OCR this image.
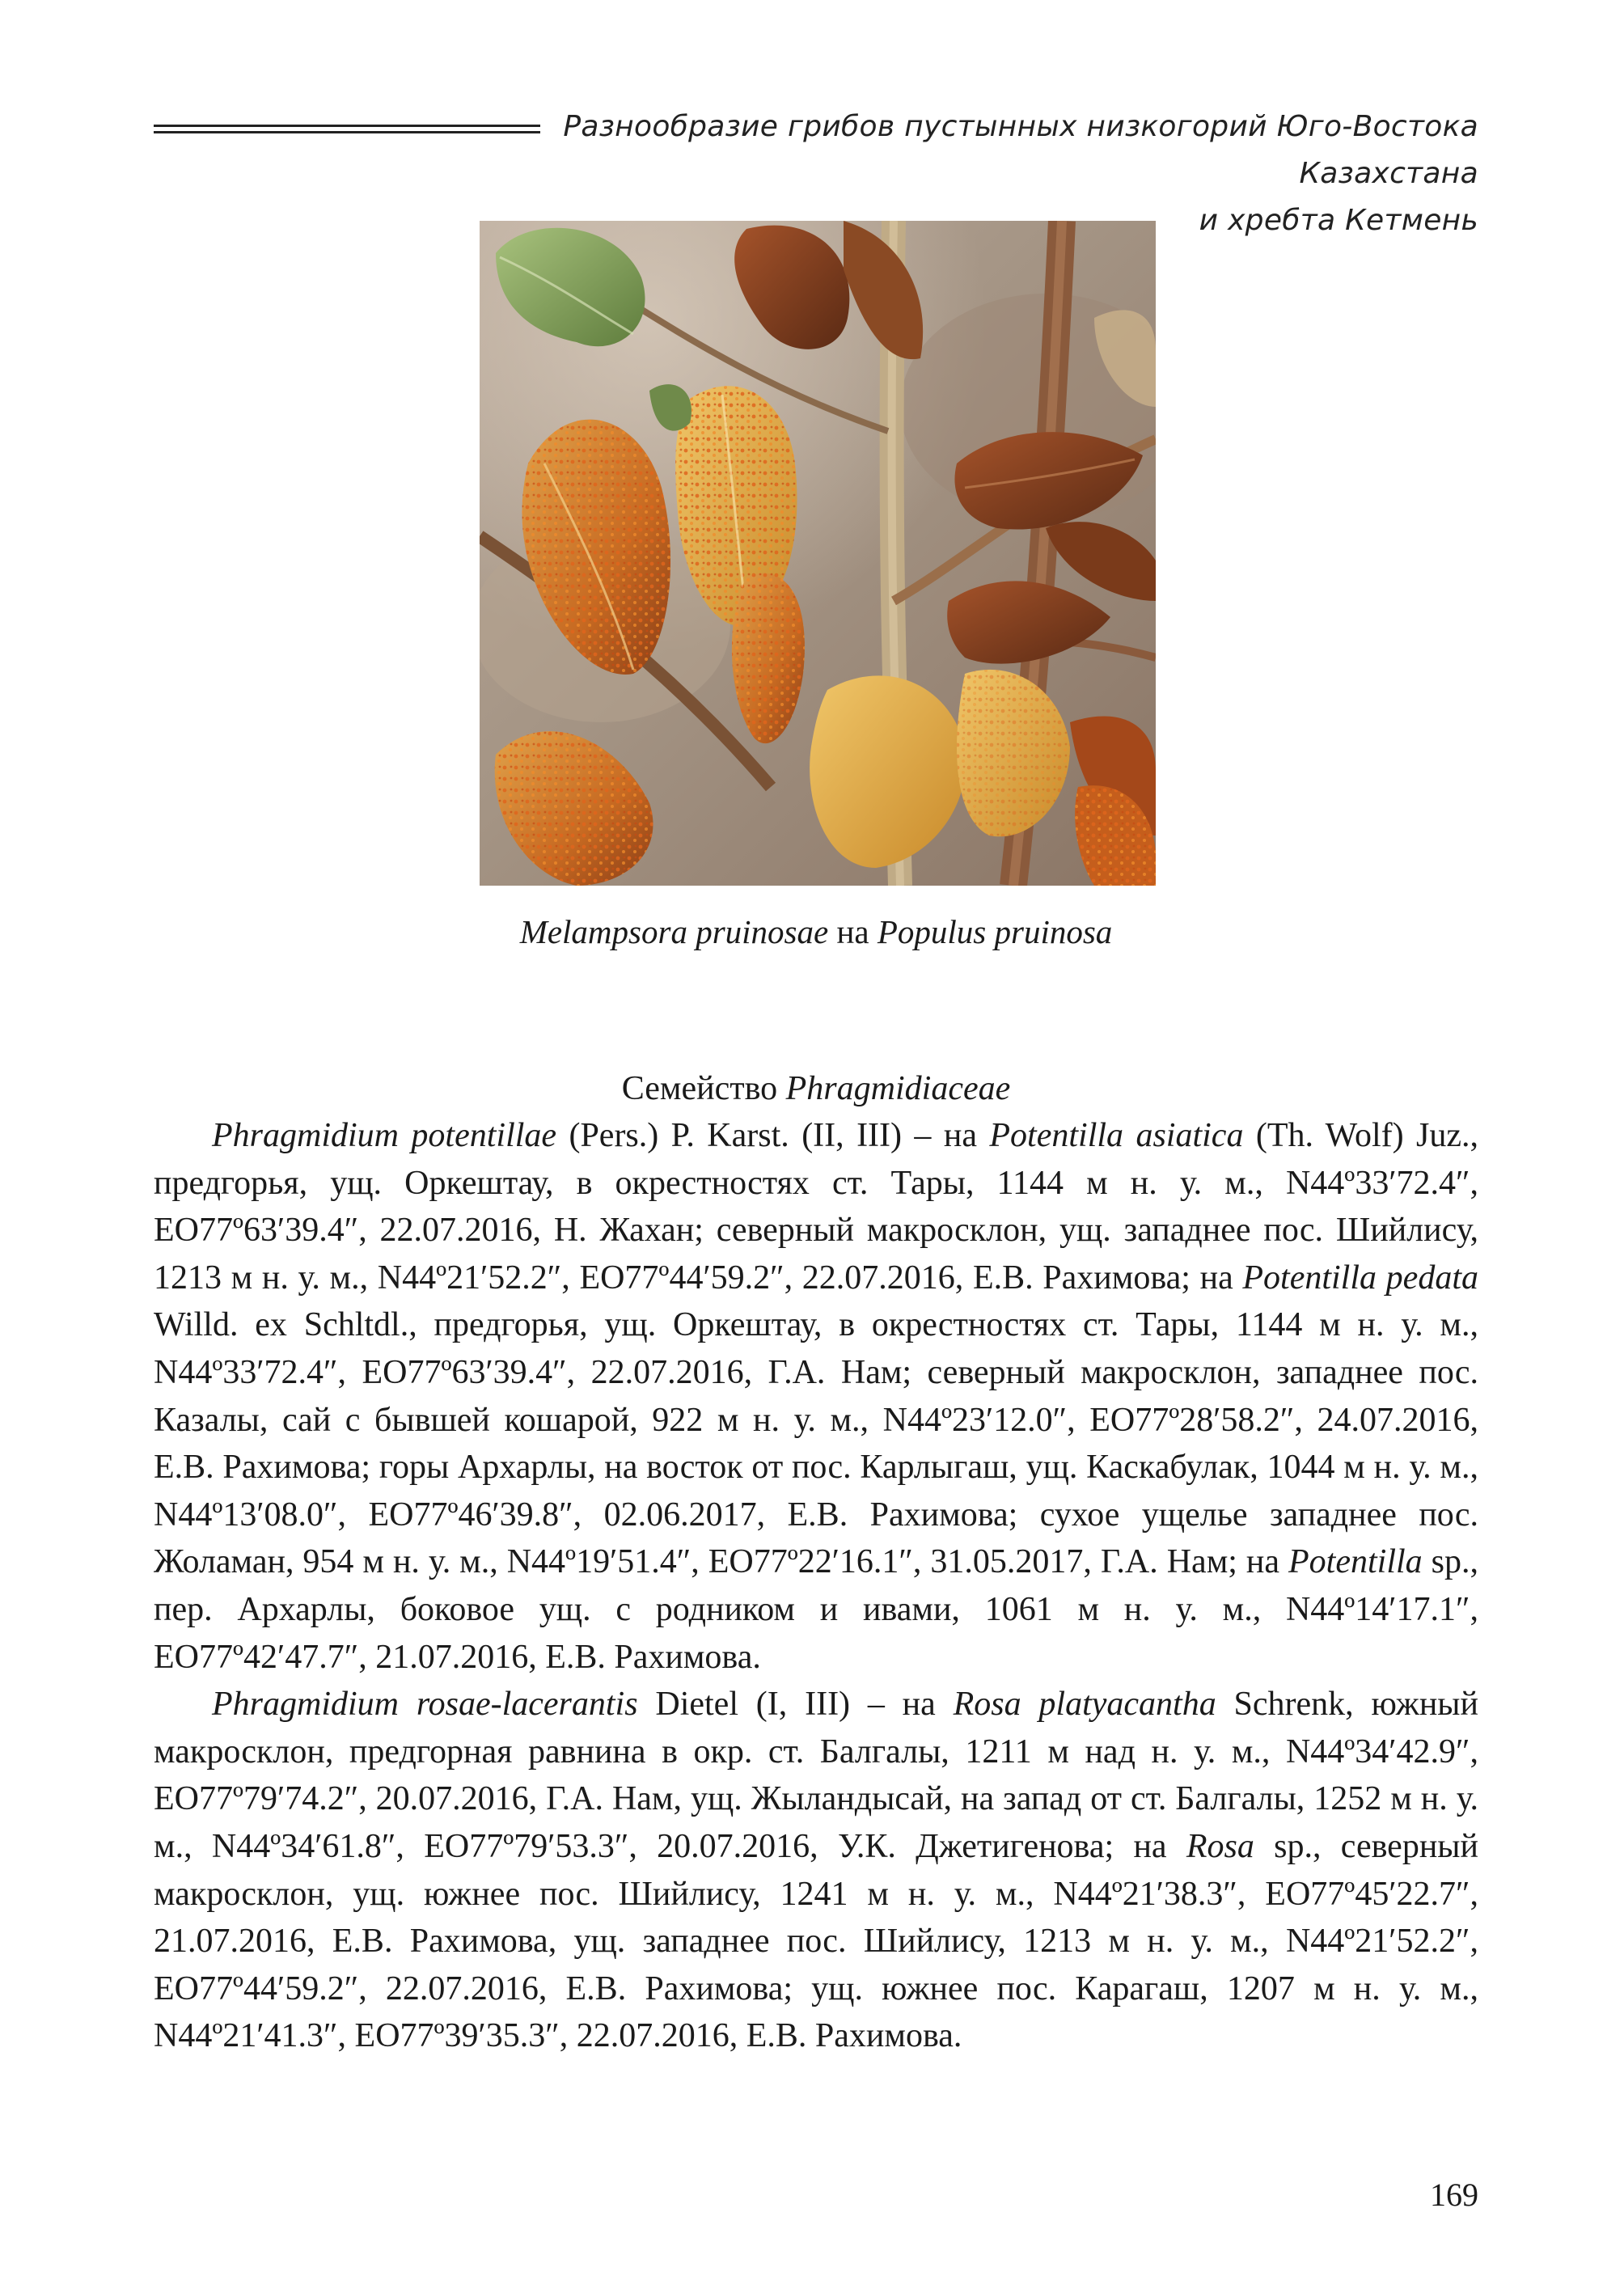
Разнообразие грибов пустынных низкогорий Юго-Востока Казахстана
и хребта Кетмень
Melampsora pruinosae на Populus pruinosa
Семейство Phragmidiaceae

Phragmidium potentillae (Pers.) P. Karst. (II, III) – на Potentilla asiatica (Th. Wolf) Juz., предгорья, ущ. Оркештау, в окрестностях ст. Тары, 1144 м н. у. м., N44º33′72.4″, EO77º63′39.4″, 22.07.2016, Н. Жахан; северный макросклон, ущ. западнее пос. Шийлису, 1213 м н. у. м., N44º21′52.2″, EO77º44′59.2″, 22.07.2016, Е.В. Рахимова; на Potentilla pedata Willd. ex Schltdl., предгорья, ущ. Оркештау, в окрестностях ст. Тары, 1144 м н. у. м., N44º33′72.4″, EO77º63′39.4″, 22.07.2016, Г.А. Нам; северный макросклон, западнее пос. Казалы, сай с бывшей кошарой, 922 м н. у. м., N44º23′12.0″, EO77º28′58.2″, 24.07.2016, Е.В. Рахимова; горы Архарлы, на восток от пос. Карлыгаш, ущ. Каскабулак, 1044 м н. у. м., N44º13′08.0″, EO77º46′39.8″, 02.06.2017, Е.В. Рахимова; сухое ущелье западнее пос. Жоламан, 954 м н. у. м., N44º19′51.4″, EO77º22′16.1″, 31.05.2017, Г.А. Нам; на Potentilla sp., пер. Архарлы, боковое ущ. с родником и ивами, 1061 м н. у. м., N44º14′17.1″, EO77º42′47.7″, 21.07.2016, Е.В. Рахимова.

Phragmidium rosae-lacerantis Dietel (I, III) – на Rosa platyacantha Schrenk, южный макросклон, предгорная равнина в окр. ст. Балгалы, 1211 м над н. у. м., N44º34′42.9″, EO77º79′74.2″, 20.07.2016, Г.А. Нам, ущ. Жыландысай, на запад от ст. Балгалы, 1252 м н. у. м., N44º34′61.8″, EO77º79′53.3″, 20.07.2016, У.К. Джетигенова; на Rosa sp., северный макросклон, ущ. южнее пос. Шийлису, 1241 м н. у. м., N44º21′38.3″, EO77º45′22.7″, 21.07.2016, Е.В. Рахимова, ущ. западнее пос. Шийлису, 1213 м н. у. м., N44º21′52.2″, EO77º44′59.2″, 22.07.2016, Е.В. Рахимова; ущ. южнее пос. Карагаш, 1207 м н. у. м., N44º21′41.3″, EO77º39′35.3″, 22.07.2016, Е.В. Рахимова.

169
